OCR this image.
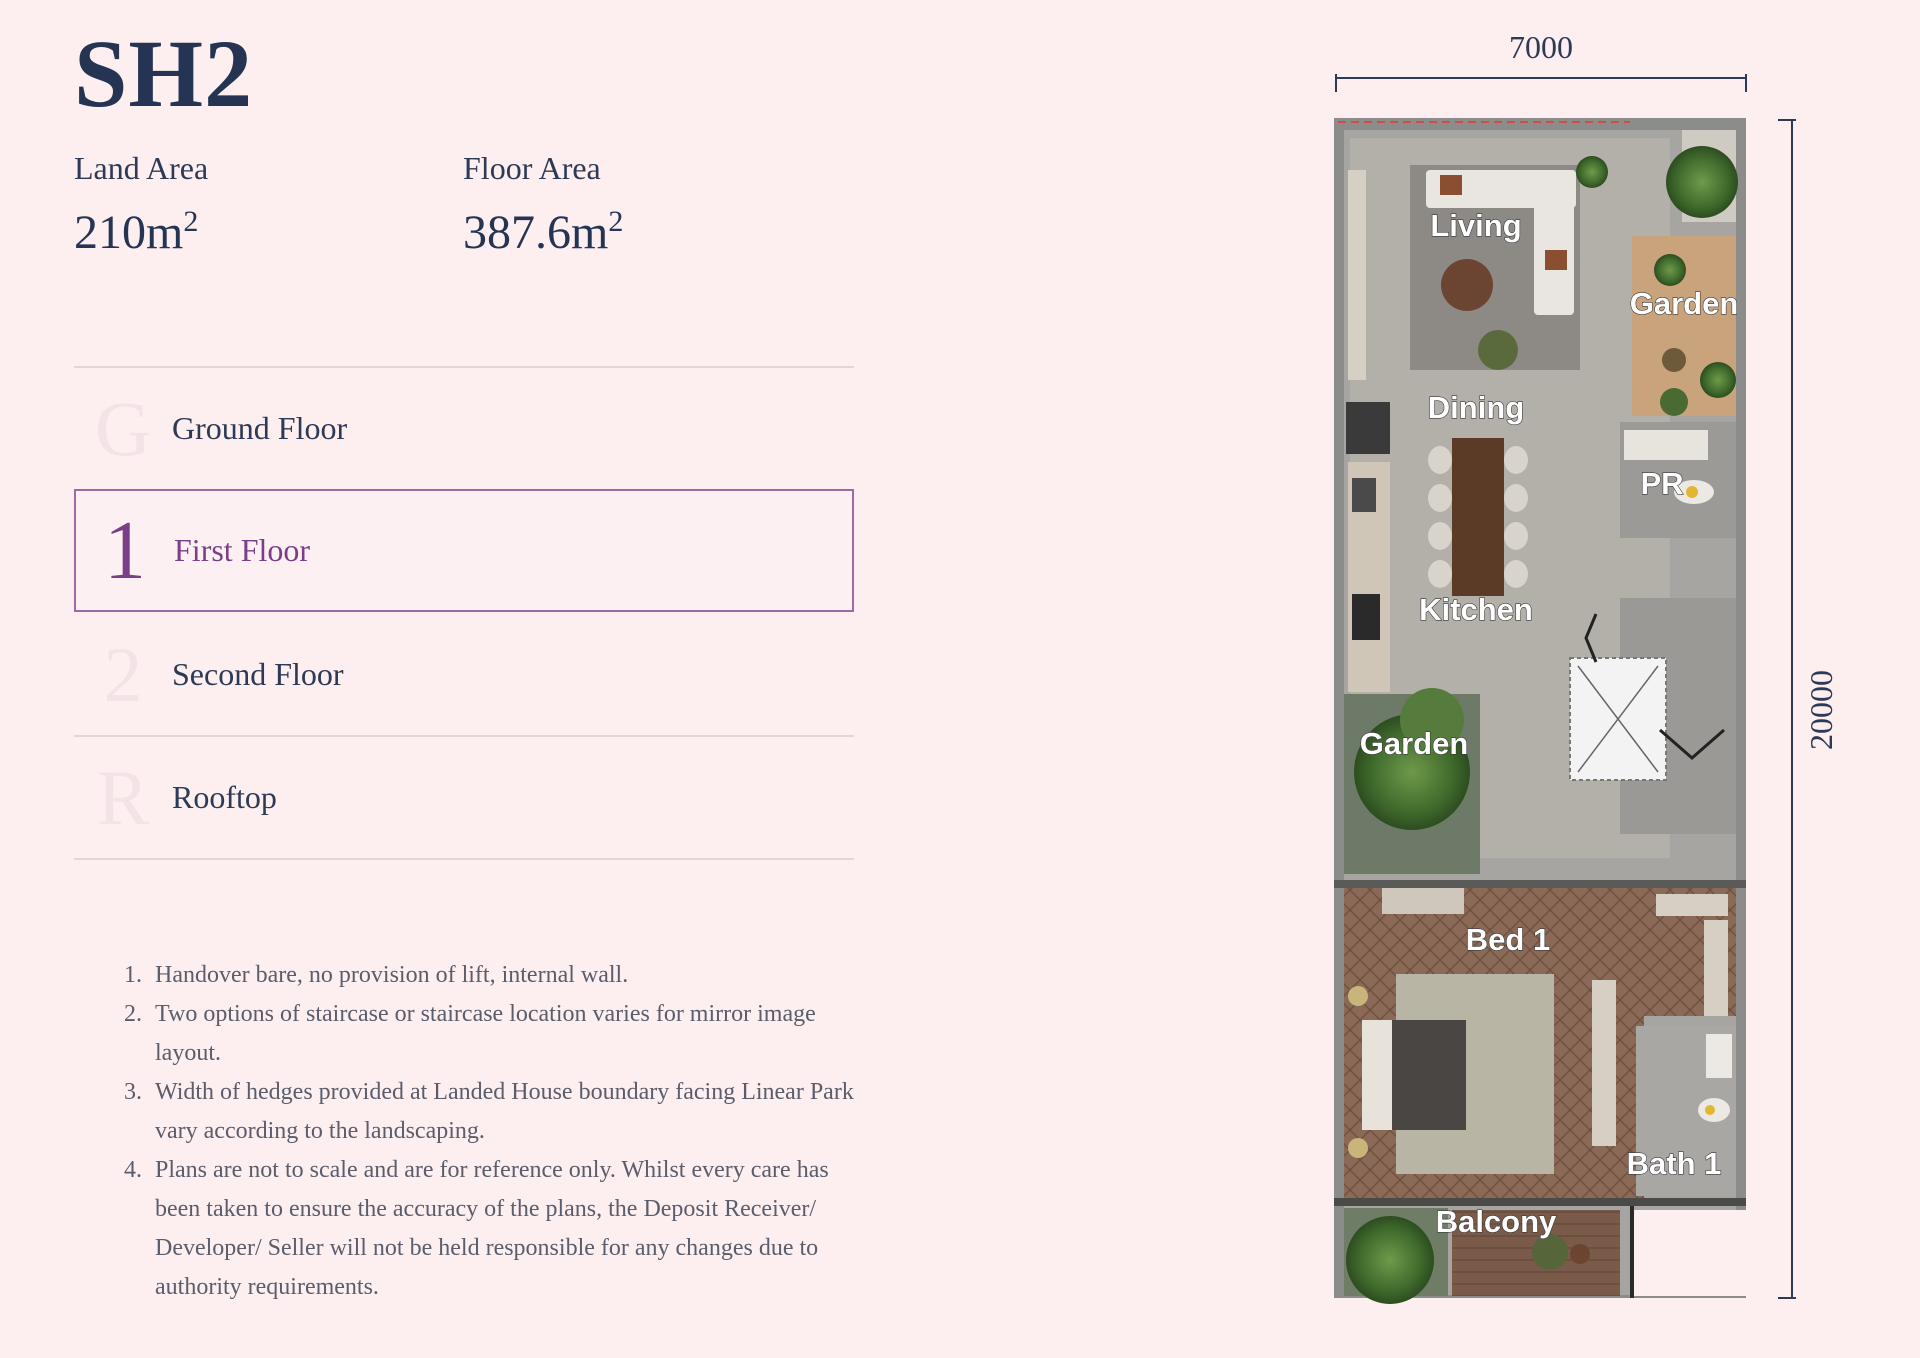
SH2
Land Area
$210m^2$
Floor Area
$387.6m^2$
G Ground Floor
1 First Floor
2 Second Floor
R Rooftop
1. Handover bare, no provision of lift, internal wall.
2. Two options of staircase or staircase location varies for mirror image layout.
3. Width of hedges provided at Landed House boundary facing Linear Park vary according to the landscaping.
4. Plans are not to scale and are for reference only. Whilst every care has been taken to ensure the accuracy of the plans, the Deposit Receiver/ Developer/ Seller will not be held responsible for any changes due to authority requirements.
7000
20000
Living
Garden
Dining
PR
Kitchen
Garden
Bed 1
Bath 1
Balcony
